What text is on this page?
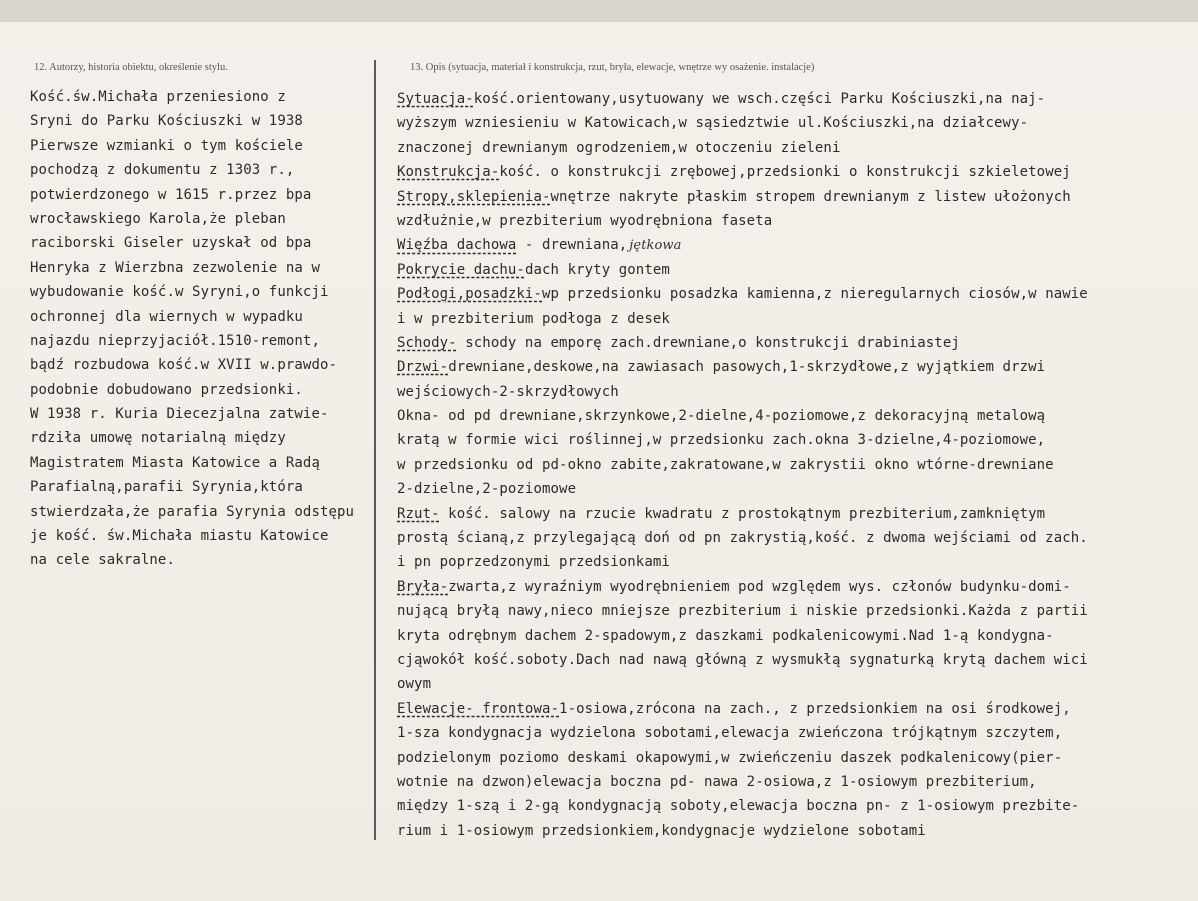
12. Autorzy, historia obiektu, określenie stylu.	13. Opis (sytuacja, materiał i konstrukcja, rzut, bryła, elewacje, wnętrze wy osażenie. instalacje)
Kość.św.Michała przeniesiono z
Sryni do Parku Kościuszki w 1938
Pierwsze wzmianki o tym kościele
pochodzą z dokumentu z 1303 r.,
potwierdzonego w 1615 r.przez bpa
wrocławskiego Karola,że pleban
raciborski Giseler uzyskał od bpa
Henryka z Wierzbna zezwolenie na w
wybudowanie kość.w Syryni,o funkcji
ochronnej dla wiernych w wypadku
najazdu nieprzyjaciół.1510-remont,
bądź rozbudowa kość.w XVII w.prawdo-
podobnie dobudowano przedsionki.
W 1938 r. Kuria Diecezjalna zatwie-
rdziła umowę notarialną między
Magistratem Miasta Katowice a Radą
Parafialną,parafii Syrynia,która
stwierdzała,że parafia Syrynia odstępu
je kość. św.Michała miastu Katowice
na cele sakralne.
Sytuacja-kość.orientowany,usytuowany we wsch.części Parku Kościuszki,na naj-
wyższym wzniesieniu w Katowicach,w sąsiedztwie ul.Kościuszki,na działcewy-
znaczonej drewnianym ogrodzeniem,w otoczeniu zieleni
Konstrukcja-kość. o konstrukcji zrębowej,przedsionki o konstrukcji szkieletowej
Stropy,sklepienia-wnętrze nakryte płaskim stropem drewnianym z listew ułożonych
wzdłużnie,w prezbiterium wyodrębniona faseta
Więźba dachowa - drewniana, jętkowa
Pokrycie dachu-dach kryty gontem
Podłogi,posadzki-wp przedsionku posadzka kamienna,z nieregularnych ciosów,w nawie
i w prezbiterium podłoga z desek
Schody- schody na emporę zach.drewniane,o konstrukcji drabiniastej
Drzwi-drewniane,deskowe,na zawiasach pasowych,1-skrzydłowe,z wyjątkiem drzwi
wejściowych-2-skrzydłowych
Okna- od pd drewniane,skrzynkowe,2-dielne,4-poziomowe,z dekoracyjną metalową
kratą w formie wici roślinnej,w przedsionku zach.okna 3-dzielne,4-poziomowe,
w przedsionku od pd-okno zabite,zakratowane,w zakrystii okno wtórne-drewniane
2-dzielne,2-poziomowe
Rzut- kość. salowy na rzucie kwadratu z prostokątnym prezbiterium,zamkniętym
prostą ścianą,z przylegającą doń od pn zakrystią,kość. z dwoma wejściami od zach.
i pn poprzedzonymi przedsionkami
Bryła-zwarta,z wyraźniym wyodrębnieniem pod względem wys. członów budynku-domi-
nującą bryłą nawy,nieco mniejsze prezbiterium i niskie przedsionki.Każda z partii
kryta odrębnym dachem 2-spadowym,z daszkami podkalenicowymi.Nad 1-ą kondygna-
cjąwokół kość.soboty.Dach nad nawą główną z wysmukłą sygnaturką krytą dachem wici
owym
Elewacje- frontowa-1-osiowa,zrócona na zach., z przedsionkiem na osi środkowej,
1-sza kondygnacja wydzielona sobotami,elewacja zwieńczona trójkątnym szczytem,
podzielonym poziomo deskami okapowymi,w zwieńczeniu daszek podkalenicowy(pier-
wotnie na dzwon)elewacja boczna pd- nawa 2-osiowa,z 1-osiowym prezbiterium,
między 1-szą i 2-gą kondygnacją soboty,elewacja boczna pn- z 1-osiowym prezbite-
rium i 1-osiowym przedsionkiem,kondygnacje wydzielone sobotami
